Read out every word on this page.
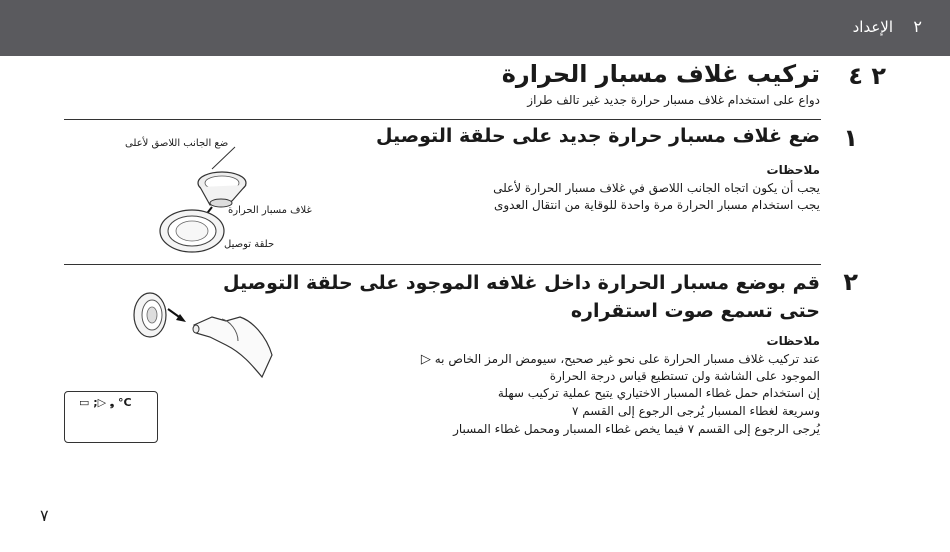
الإعداد ٢
٢ ٤
تركيب غلاف مسبار الحرارة
دواع على استخدام غلاف مسبار حرارة جديد غير تالف طراز
١
ضع غلاف مسبار حرارة جديد على حلقة التوصيل
ملاحظات
يجب أن يكون اتجاه الجانب اللاصق في غلاف مسبار الحرارة لأعلى
يجب استخدام مسبار الحرارة مرة واحدة للوقاية من انتقال العدوى
ضع الجانب اللاصق لأعلى
غلاف مسبار الحرارة
حلقة توصيل
٢
قم بوضع مسبار الحرارة داخل غلافه الموجود على حلقة التوصيل
حتى تسمع صوت استقراره
ملاحظات
عند تركيب غلاف مسبار الحرارة على نحو غير صحيح، سيومض الرمز الخاص به ▷
الموجود على الشاشة ولن تستطيع قياس درجة الحرارة
إن استخدام حمل غطاء المسبار الاختياري يتيح عملية تركيب سهلة
وسريعة لغطاء المسبار يُرجى الرجوع إلى القسم ٧
يُرجى الرجوع إلى القسم ٧ فيما يخص غطاء المسبار ومحمل غطاء المسبار
▭ ;▷ ❟ °C
٧
